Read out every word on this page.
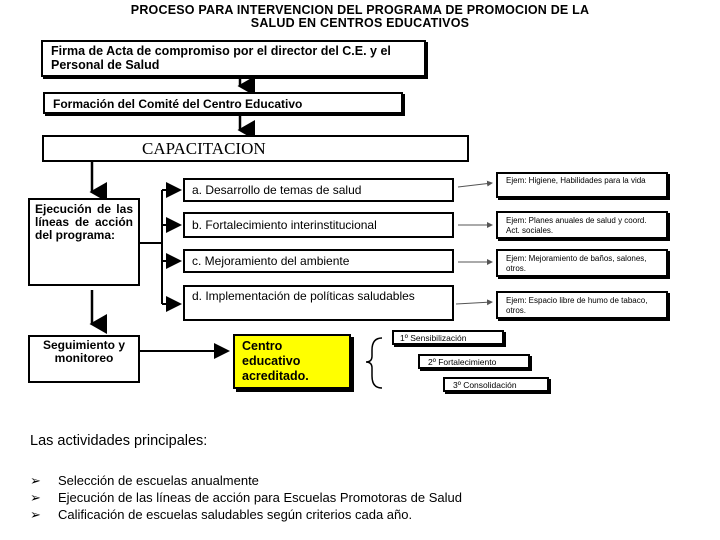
PROCESO PARA INTERVENCION DEL PROGRAMA DE PROMOCION DE LA
SALUD EN CENTROS EDUCATIVOS
Firma de Acta de compromiso por el director del C.E. y el Personal de Salud
Formación del Comité del Centro Educativo
CAPACITACION
Ejecución de las líneas de acción del programa:
a. Desarrollo de temas de salud
b. Fortalecimiento interinstitucional
c. Mejoramiento del ambiente
d. Implementación de políticas saludables
Ejem: Higiene, Habilidades para la vida
Ejem: Planes anuales de salud y coord. Act. sociales.
Ejem: Mejoramiento de baños, salones, otros.
Ejem: Espacio libre de humo de tabaco, otros.
Seguimiento y monitoreo
Centro educativo acreditado.
1º Sensibilización
2º Fortalecimiento
3º Consolidación
Las actividades principales:
➢ Selección de escuelas anualmente
➢ Ejecución de las líneas de acción para Escuelas Promotoras de Salud
➢ Calificación de escuelas saludables según criterios cada año.
